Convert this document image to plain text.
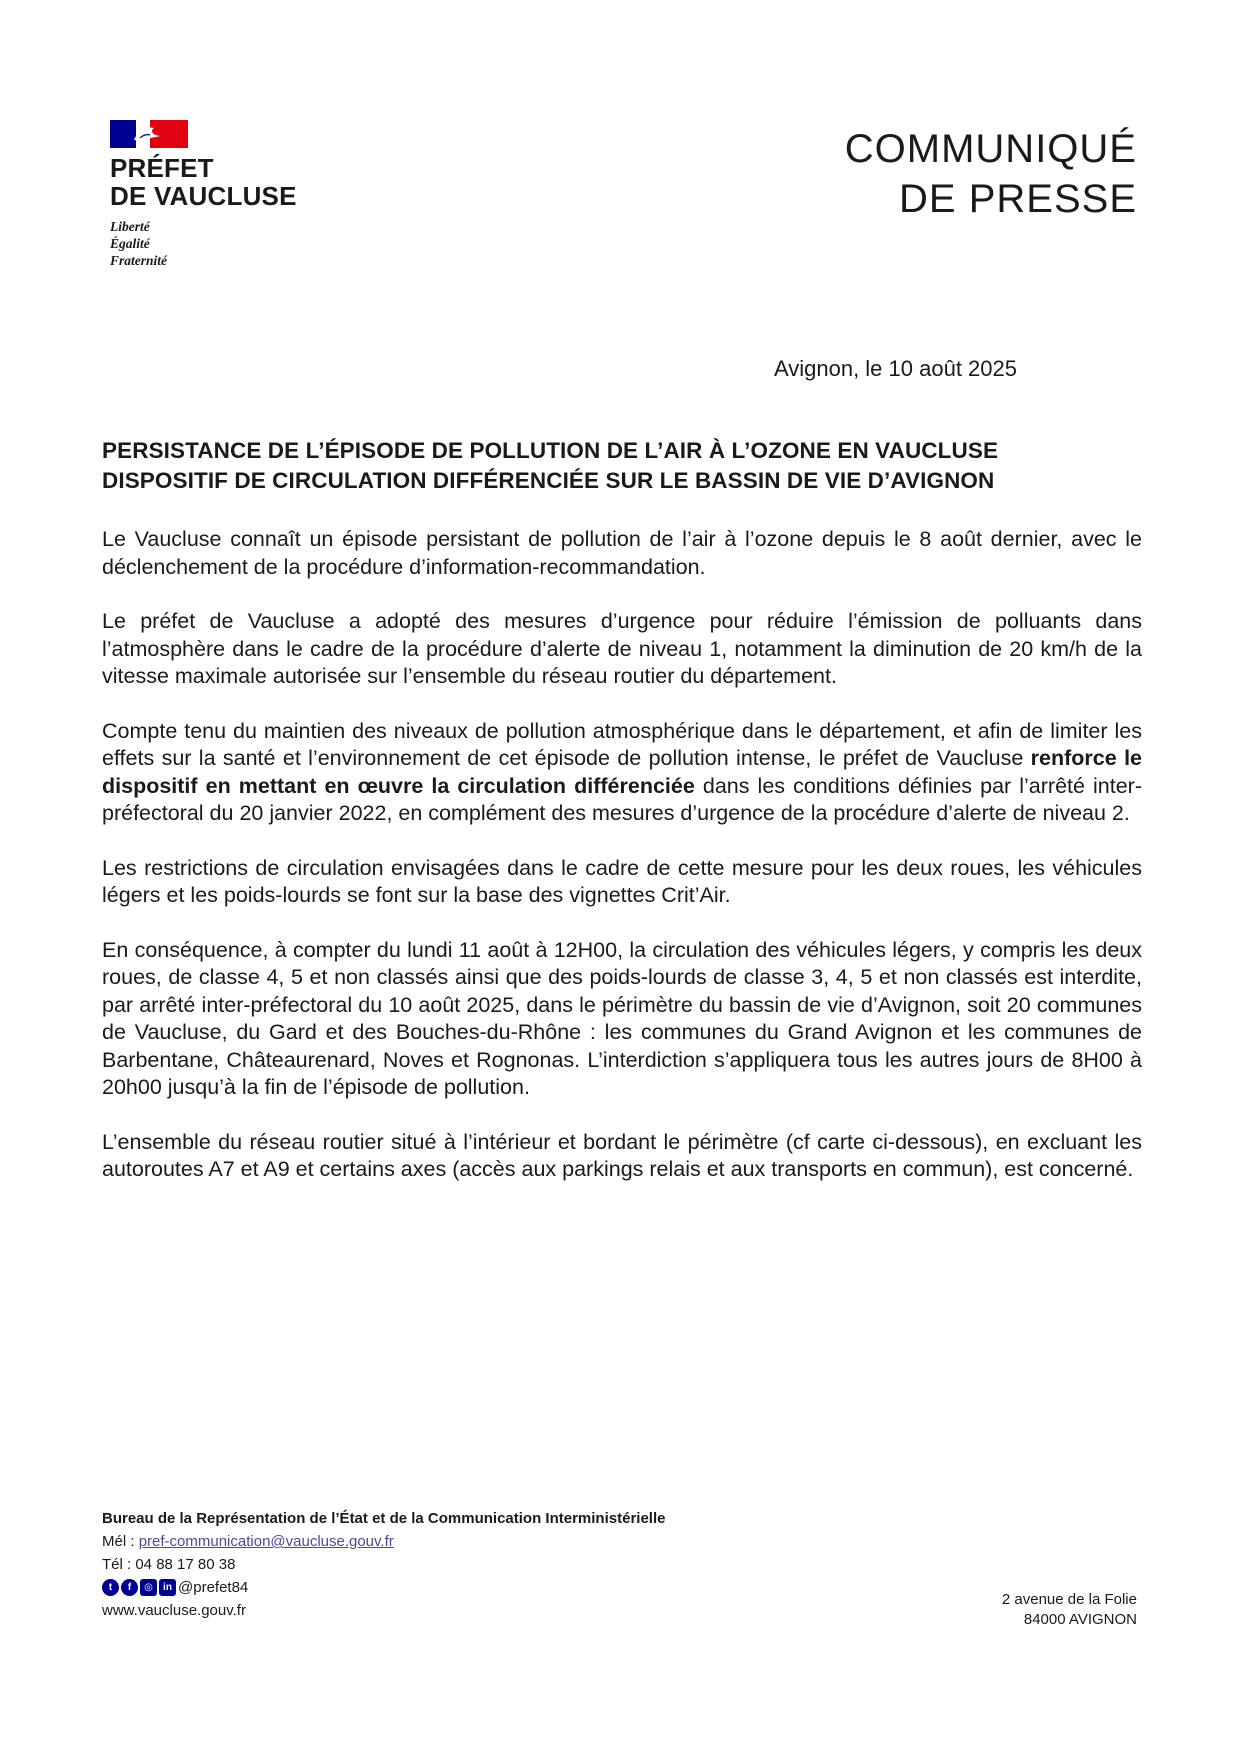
PRÉFET
DE VAUCLUSE
Liberté
Égalité
Fraternité
COMMUNIQUÉ
DE PRESSE
Avignon, le 10 août 2025
PERSISTANCE DE L’ÉPISODE DE POLLUTION DE L’AIR À L’OZONE EN VAUCLUSE
DISPOSITIF DE CIRCULATION DIFFÉRENCIÉE SUR LE BASSIN DE VIE D’AVIGNON

Le Vaucluse connaît un épisode persistant de pollution de l’air à l’ozone depuis le 8 août dernier, avec le déclenchement de la procédure d’information-recommandation.

Le préfet de Vaucluse a adopté des mesures d’urgence pour réduire l’émission de polluants dans l’atmosphère dans le cadre de la procédure d’alerte de niveau 1, notamment la diminution de 20 km/h de la vitesse maximale autorisée sur l’ensemble du réseau routier du département.

Compte tenu du maintien des niveaux de pollution atmosphérique dans le département, et afin de limiter les effets sur la santé et l’environnement de cet épisode de pollution intense, le préfet de Vaucluse renforce le dispositif en mettant en œuvre la circulation différenciée dans les conditions définies par l’arrêté inter-préfectoral du 20 janvier 2022, en complément des mesures d’urgence de la procédure d’alerte de niveau 2.

Les restrictions de circulation envisagées dans le cadre de cette mesure pour les deux roues, les véhicules légers et les poids-lourds se font sur la base des vignettes Crit’Air.

En conséquence, à compter du lundi 11 août à 12H00, la circulation des véhicules légers, y compris les deux roues, de classe 4, 5 et non classés ainsi que des poids-lourds de classe 3, 4, 5 et non classés est interdite, par arrêté inter-préfectoral du 10 août 2025, dans le périmètre du bassin de vie d’Avignon, soit 20 communes de Vaucluse, du Gard et des Bouches-du-Rhône : les communes du Grand Avignon et les communes de Barbentane, Châteaurenard, Noves et Rognonas. L’interdiction s’appliquera tous les autres jours de 8H00 à 20h00 jusqu’à la fin de l’épisode de pollution.

L’ensemble du réseau routier situé à l’intérieur et bordant le périmètre (cf carte ci-dessous), en excluant les autoroutes A7 et A9 et certains axes (accès aux parkings relais et aux transports en commun), est concerné.

Bureau de la Représentation de l’État et de la Communication Interministérielle
Mél : pref-communication@vaucluse.gouv.fr
Tél : 04 88 17 80 38
t	f	◎	in @prefet84
www.vaucluse.gouv.fr
2 avenue de la Folie
84000 AVIGNON
